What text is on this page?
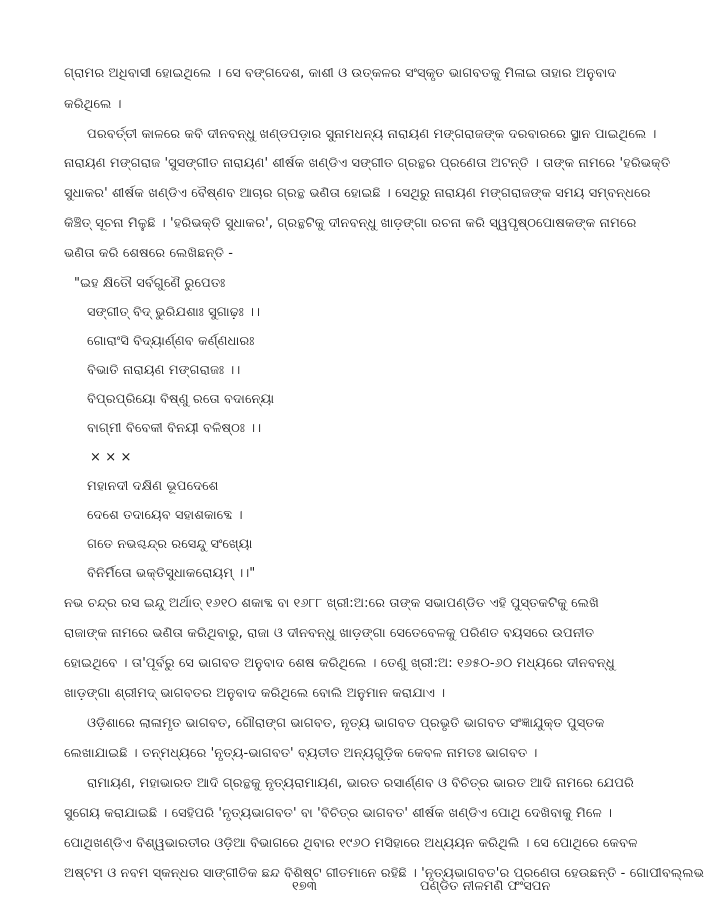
ଗ୍ରାମର ଅଧିବାସୀ ହୋଇଥିଲେ । ସେ ବଙ୍ଗଦେଶ, କାଶୀ ଓ ଉତ୍କଳର ସଂସ୍କୃତ ଭାଗବତକୁ ମିଳାଇ ତାହାର ଅନୁବାଦ
କରିଥିଲେ ।
ପରବର୍ତ୍ତୀ କାଳରେ କବି ଦୀନବନ୍ଧୁ ଖଣ୍ଡପଡ଼ାର ସୁନାମଧନ୍ୟ ନାରାୟଣ ମଙ୍ଗରାଜଙ୍କ ଦରବାରରେ ସ୍ଥାନ ପାଇଥିଲେ ।
ନାରାୟଣ ମଙ୍ଗରାଜ 'ସୁସଙ୍ଗୀତ ନାରାୟଣ' ଶୀର୍ଷକ ଖଣ୍ଡିଏ ସଙ୍ଗୀତ ଗ୍ରନ୍ଥର ପ୍ରଣେତା ଅଟନ୍ତି । ତାଙ୍କ ନାମରେ 'ହରିଭକ୍ତି
ସୁଧାକର' ଶୀର୍ଷକ ଖଣ୍ଡିଏ ବୈଷ୍ଣବ ଆଚାର ଗ୍ରନ୍ଥ ଭଣିତା ହୋଇଛି । ସେଥିରୁ ନାରାୟଣ ମଙ୍ଗରାଜଙ୍କ ସମୟ ସମ୍ବନ୍ଧରେ
କିଞ୍ଚିତ୍ ସୂଚନା ମିଳୁଛି । 'ହରିଭକ୍ତି ସୁଧାକର', ଗ୍ରନ୍ଥଟିକୁ ଦୀନବନ୍ଧୁ ଖାଡ଼ଙ୍ଗା ରଚନା କରି ସ୍ୱପୃଷ୍ଠପୋଷକଙ୍କ ନାମରେ
ଭଣିତା କରି ଶେଷରେ ଲେଖିଛନ୍ତି -
"ଇହ କ୍ଷିତୌ ସର୍ବଗୁଣୈ ରୁପେତଃ
ସଙ୍ଗୀତ୍ ବିଦ୍ ଭୁରିଯଶାଃ ସୁଗାଢ଼ଃ ।।
ଗୋରାଂସି ବିଦ୍ୟାର୍ଣ୍ଣବ କର୍ଣ୍ଣଧାରଃ
ବିଭାତି ନାରାୟଣ ମଙ୍ଗରାଜଃ ।।
ବିପ୍ରପ୍ରିୟୋ ବିଷ୍ଣୁ ରତୋ ବଦାନ୍ୟୋ
ବାଗ୍ମୀ ବିବେକୀ ବିନୟୀ ବଳିଷ୍ଠଃ ।।
× × ×
ମହାନଦୀ ଦକ୍ଷିଣ ଭୂପଦେଶେ
ଦେଶେ ତଦାୟେବ ସହାଶକାବ୍ଦେ ।
ଗତେ ନଭଶ୍ଚନ୍ଦ୍ର ରସେନ୍ଦୁ ସଂଖ୍ୟୋ
ବିନିର୍ମିତୋ ଭକ୍ତିସୁଧାକରୋୟମ୍ ।।"
ନଭ ଚନ୍ଦ୍ର ରସ ଇନ୍ଦୁ ଅର୍ଥାତ୍ ୧୬୧୦ ଶକାବ୍ଦ ବା ୧୬୮୮ ଖ୍ରୀ:ଅ:ରେ ତାଙ୍କ ସଭାପଣ୍ଡିତ ଏହି ପୁସ୍ତକଟିକୁ ଲେଖି
ରାଜାଙ୍କ ନାମରେ ଭଣିତା କରିଥିବାରୁ, ରାଜା ଓ ଦୀନବନ୍ଧୁ ଖାଡ଼ଙ୍ଗା ସେତେବେଳକୁ ପରିଣତ ବୟସରେ ଉପନୀତ
ହୋଇଥିବେ । ତା'ପୂର୍ବରୁ ସେ ଭାଗବତ ଅନୁବାଦ ଶେଷ କରିଥିଲେ । ତେଣୁ ଖ୍ରୀ:ଅ: ୧୬୫୦-୬୦ ମଧ୍ୟରେ ଦୀନବନ୍ଧୁ
ଖାଡ଼ଙ୍ଗା ଶ୍ରୀମଦ୍ ଭାଗବତର ଅନୁବାଦ କରିଥିଲେ ବୋଲି ଅନୁମାନ କରାଯାଏ ।
ଓଡ଼ିଶାରେ ଲାଳାମୃତ ଭାଗବତ, ଗୌରାଙ୍ଗ ଭାଗବତ, ନୃତ୍ୟ ଭାଗବତ ପ୍ରଭୃତି ଭାଗବତ ସଂଜ୍ଞାଯୁକ୍ତ ପୁସ୍ତକ
ଲେଖାଯାଇଛି । ତନ୍ମଧ୍ୟରେ 'ନୃତ୍ୟ-ଭାଗବତ' ବ୍ୟତୀତ ଅନ୍ୟଗୁଡ଼ିକ କେବଳ ନାମତଃ ଭାଗବତ ।
ରାମାୟଣ, ମହାଭାରତ ଆଦି ଗ୍ରନ୍ଥକୁ ନୃତ୍ୟରାମାୟଣ, ଭାରତ ରସାର୍ଣ୍ଣବ ଓ ବିଚିତ୍ର ଭାରତ ଆଦି ନାମରେ ଯେପରି
ସୁଗେୟ କରାଯାଇଛି । ସେହିପରି 'ନୃତ୍ୟଭାଗବତ' ବା 'ବିଚିତ୍ର ଭାଗବତ' ଶୀର୍ଷକ ଖଣ୍ଡିଏ ପୋଥି ଦେଖିବାକୁ ମିଳେ ।
ପୋଥିଖଣ୍ଡିଏ ବିଶ୍ୱଭାରତୀର ଓଡ଼ିଆ ବିଭାଗରେ ଥିବାର ୧୯୬୦ ମସିହାରେ ଅଧ୍ୟୟନ କରିଥିଲି । ସେ ପୋଥିରେ କେବଳ
ଅଷ୍ଟମ ଓ ନବମ ସ୍କନ୍ଧର ସାଙ୍ଗୀତିକ ଛନ୍ଦ ବିଶିଷ୍ଟ ଗୀତମାନେ ରହିଛି । 'ନୃତ୍ୟଭାଗବତ'ର ପ୍ରଣେତା ହେଉଛନ୍ତି - ଗୋପୀବଲ୍ଲଭ
୧୭୩	ପଣ୍ଡିତ ନୀଳମଣି ଫଂସପନ
